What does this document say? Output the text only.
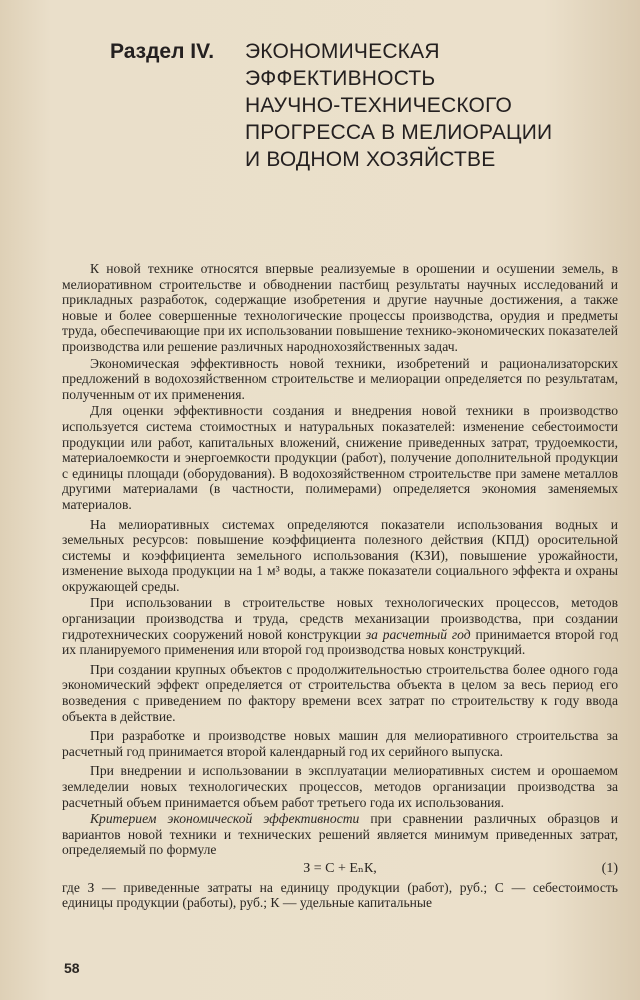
Раздел IV.	ЭКОНОМИЧЕСКАЯ
ЭФФЕКТИВНОСТЬ
НАУЧНО-ТЕХНИЧЕСКОГО
ПРОГРЕССА В МЕЛИОРАЦИИ
И ВОДНОМ ХОЗЯЙСТВЕ

К новой технике относятся впервые реализуемые в орошении и осушении земель, в мелиоративном строительстве и обводнении пастбищ результаты научных исследований и прикладных разработок, содержащие изобретения и другие научные достижения, а также новые и более совершенные технологические процессы производства, орудия и предметы труда, обеспечивающие при их использовании повышение технико-экономических показателей производства или решение различных народнохозяйственных задач.

Экономическая эффективность новой техники, изобретений и рационализаторских предложений в водохозяйственном строительстве и мелиорации определяется по результатам, полученным от их применения.

Для оценки эффективности создания и внедрения новой техники в производство используется система стоимостных и натуральных показателей: изменение себестоимости продукции или работ, капитальных вложений, снижение приведенных затрат, трудоемкости, материалоемкости и энергоемкости продукции (работ), получение дополнительной продукции с единицы площади (оборудования). В водохозяйственном строительстве при замене металлов другими материалами (в частности, полимерами) определяется экономия заменяемых материалов.

На мелиоративных системах определяются показатели использования водных и земельных ресурсов: повышение коэффициента полезного действия (КПД) оросительной системы и коэффициента земельного использования (КЗИ), повышение урожайности, изменение выхода продукции на 1 м³ воды, а также показатели социального эффекта и охраны окружающей среды.

При использовании в строительстве новых технологических процессов, методов организации производства и труда, средств механизации производства, при создании гидротехнических сооружений новой конструкции за расчетный год принимается второй год их планируемого применения или второй год производства новых конструкций.

При создании крупных объектов с продолжительностью строительства более одного года экономический эффект определяется от строительства объекта в целом за весь период его возведения с приведением по фактору времени всех затрат по строительству к году ввода объекта в действие.

При разработке и производстве новых машин для мелиоративного строительства за расчетный год принимается второй календарный год их серийного выпуска.

При внедрении и использовании в эксплуатации мелиоративных систем и орошаемом земледелии новых технологических процессов, методов организации производства за расчетный объем принимается объем работ третьего года их использования.

Критерием экономической эффективности при сравнении различных образцов и вариантов новой техники и технических решений является минимум приведенных затрат, определяемый по формуле

З = С + EₙК,	(1)

где З — приведенные затраты на единицу продукции (работ), руб.; С — себестоимость единицы продукции (работы), руб.; К — удельные капитальные

58
